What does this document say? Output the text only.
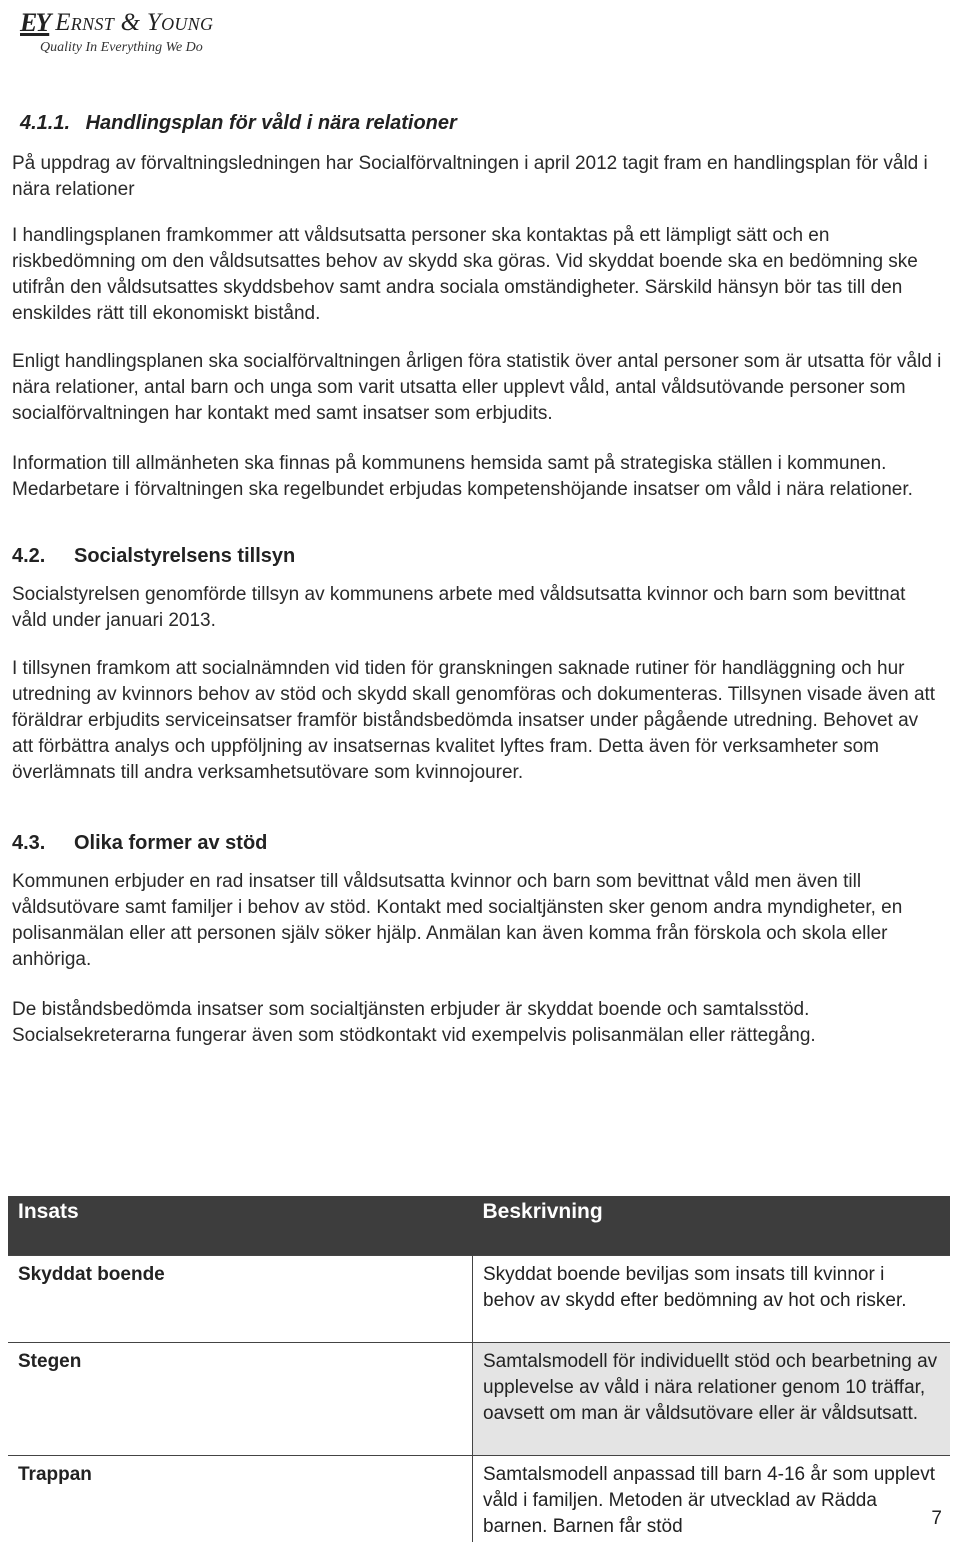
EY Ernst & Young
Quality In Everything We Do
4.1.1. Handlingsplan för våld i nära relationer

På uppdrag av förvaltningsledningen har Socialförvaltningen i april 2012 tagit fram en handlingsplan för våld i nära relationer

I handlingsplanen framkommer att våldsutsatta personer ska kontaktas på ett lämpligt sätt och en riskbedömning om den våldsutsattes behov av skydd ska göras. Vid skyddat boende ska en bedömning ske utifrån den våldsutsattes skyddsbehov samt andra sociala omständigheter. Särskild hänsyn bör tas till den enskildes rätt till ekonomiskt bistånd.

Enligt handlingsplanen ska socialförvaltningen årligen föra statistik över antal personer som är utsatta för våld i nära relationer, antal barn och unga som varit utsatta eller upplevt våld, antal våldsutövande personer som socialförvaltningen har kontakt med samt insatser som erbjudits.

Information till allmänheten ska finnas på kommunens hemsida samt på strategiska ställen i kommunen. Medarbetare i förvaltningen ska regelbundet erbjudas kompetenshöjande insatser om våld i nära relationer.

4.2.	Socialstyrelsens tillsyn

Socialstyrelsen genomförde tillsyn av kommunens arbete med våldsutsatta kvinnor och barn som bevittnat våld under januari 2013.

I tillsynen framkom att socialnämnden vid tiden för granskningen saknade rutiner för handläggning och hur utredning av kvinnors behov av stöd och skydd skall genomföras och dokumenteras. Tillsynen visade även att föräldrar erbjudits serviceinsatser framför biståndsbedömda insatser under pågående utredning. Behovet av att förbättra analys och uppföljning av insatsernas kvalitet lyftes fram. Detta även för verksamheter som överlämnats till andra verksamhetsutövare som kvinnojourer.

4.3.	Olika former av stöd

Kommunen erbjuder en rad insatser till våldsutsatta kvinnor och barn som bevittnat våld men även till våldsutövare samt familjer i behov av stöd. Kontakt med socialtjänsten sker genom andra myndigheter, en polisanmälan eller att personen själv söker hjälp. Anmälan kan även komma från förskola och skola eller anhöriga.

De biståndsbedömda insatser som socialtjänsten erbjuder är skyddat boende och samtalsstöd. Socialsekreterarna fungerar även som stödkontakt vid exempelvis polisanmälan eller rättegång.

Insats	Beskrivning
Skyddat boende	Skyddat boende beviljas som insats till kvinnor i behov av skydd efter bedömning av hot och risker.
Stegen	Samtalsmodell för individuellt stöd och bearbetning av upplevelse av våld i nära relationer genom 10 träffar, oavsett om man är våldsutövare eller är våldsutsatt.
Trappan	Samtalsmodell anpassad till barn 4-16 år som upplevt våld i familjen. Metoden är utvecklad av Rädda barnen. Barnen får stöd	7
